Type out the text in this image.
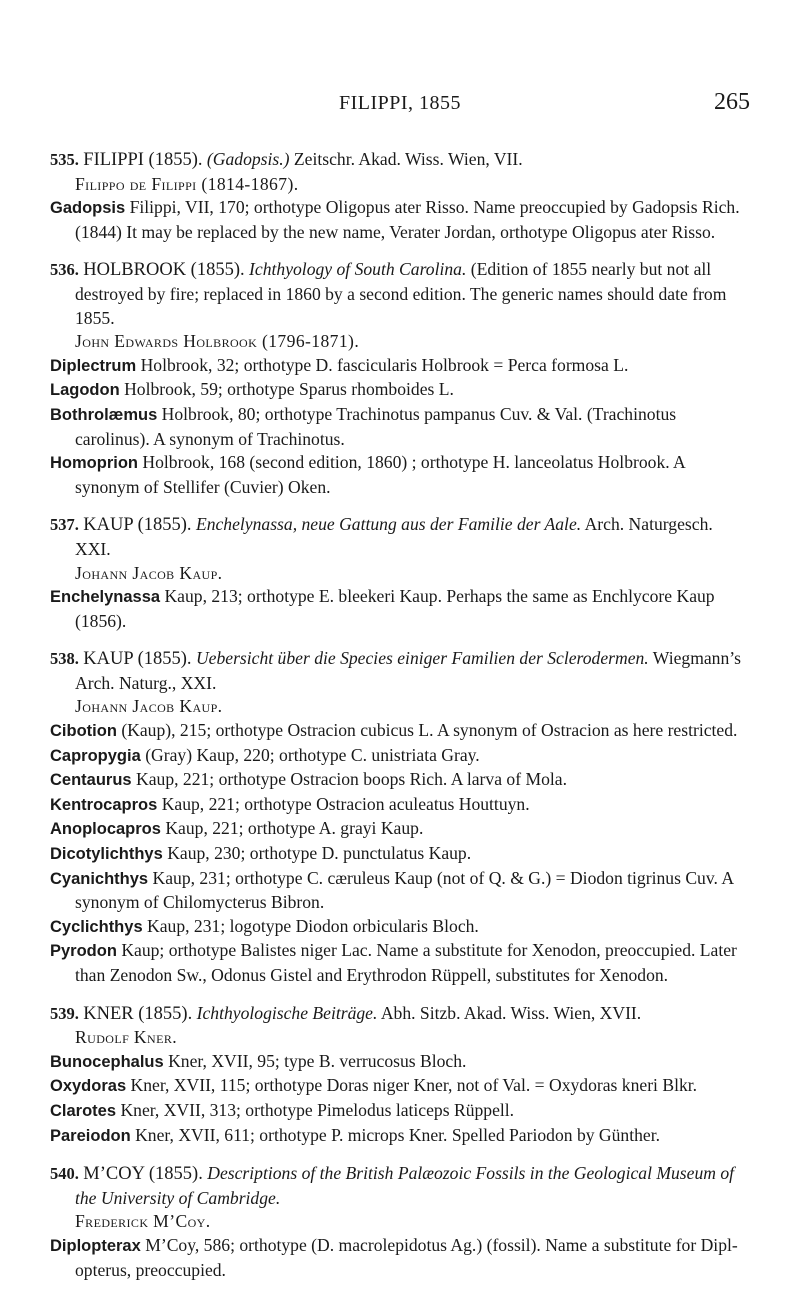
FILIPPI, 1855	265
535. FILIPPI (1855). (Gadopsis.) Zeitschr. Akad. Wiss. Wien, VII.
Filippo de Filippi (1814-1867).
Gadopsis Filippi, VII, 170; orthotype Oligopus ater Risso. Name preoccupied by Gadopsis Rich. (1844) It may be replaced by the new name, Verater Jordan, orthotype Oligopus ater Risso.
536. HOLBROOK (1855). Ichthyology of South Carolina. (Edition of 1855 nearly but not all destroyed by fire; replaced in 1860 by a second edition. The generic names should date from 1855.
John Edwards Holbrook (1796-1871).
Diplectrum Holbrook, 32; orthotype D. fascicularis Holbrook = Perca formosa L.
Lagodon Holbrook, 59; orthotype Sparus rhomboides L.
Bothrolæmus Holbrook, 80; orthotype Trachinotus pampanus Cuv. & Val. (Trachinotus carolinus). A synonym of Trachinotus.
Homoprion Holbrook, 168 (second edition, 1860) ; orthotype H. lanceolatus Holbrook. A synonym of Stellifer (Cuvier) Oken.
537. KAUP (1855). Enchelynassa, neue Gattung aus der Familie der Aale. Arch. Naturgesch. XXI.
Johann Jacob Kaup.
Enchelynassa Kaup, 213; orthotype E. bleekeri Kaup. Perhaps the same as Enchlycore Kaup (1856).
538. KAUP (1855). Uebersicht über die Species einiger Familien der Sclerodermen. Wiegmann’s Arch. Naturg., XXI.
Johann Jacob Kaup.
Cibotion (Kaup), 215; orthotype Ostracion cubicus L. A synonym of Ostracion as here restricted.
Capropygia (Gray) Kaup, 220; orthotype C. unistriata Gray.
Centaurus Kaup, 221; orthotype Ostracion boops Rich. A larva of Mola.
Kentrocapros Kaup, 221; orthotype Ostracion aculeatus Houttuyn.
Anoplocapros Kaup, 221; orthotype A. grayi Kaup.
Dicotylichthys Kaup, 230; orthotype D. punctulatus Kaup.
Cyanichthys Kaup, 231; orthotype C. cæruleus Kaup (not of Q. & G.) = Diodon tigrinus Cuv. A synonym of Chilomycterus Bibron.
Cyclichthys Kaup, 231; logotype Diodon orbicularis Bloch.
Pyrodon Kaup; orthotype Balistes niger Lac. Name a substitute for Xenodon, preoccupied. Later than Zenodon Sw., Odonus Gistel and Erythrodon Rüppell, substitutes for Xenodon.
539. KNER (1855). Ichthyologische Beiträge. Abh. Sitzb. Akad. Wiss. Wien, XVII.
Rudolf Kner.
Bunocephalus Kner, XVII, 95; type B. verrucosus Bloch.
Oxydoras Kner, XVII, 115; orthotype Doras niger Kner, not of Val. = Oxydoras kneri Blkr.
Clarotes Kner, XVII, 313; orthotype Pimelodus laticeps Rüppell.
Pareiodon Kner, XVII, 611; orthotype P. microps Kner. Spelled Pariodon by Günther.
540. M’COY (1855). Descriptions of the British Palæozoic Fossils in the Geological Museum of the University of Cambridge.
Frederick M’Coy.
Diplopterax M’Coy, 586; orthotype (D. macrolepidotus Ag.) (fossil). Name a substitute for Diplopterus, preoccupied.
